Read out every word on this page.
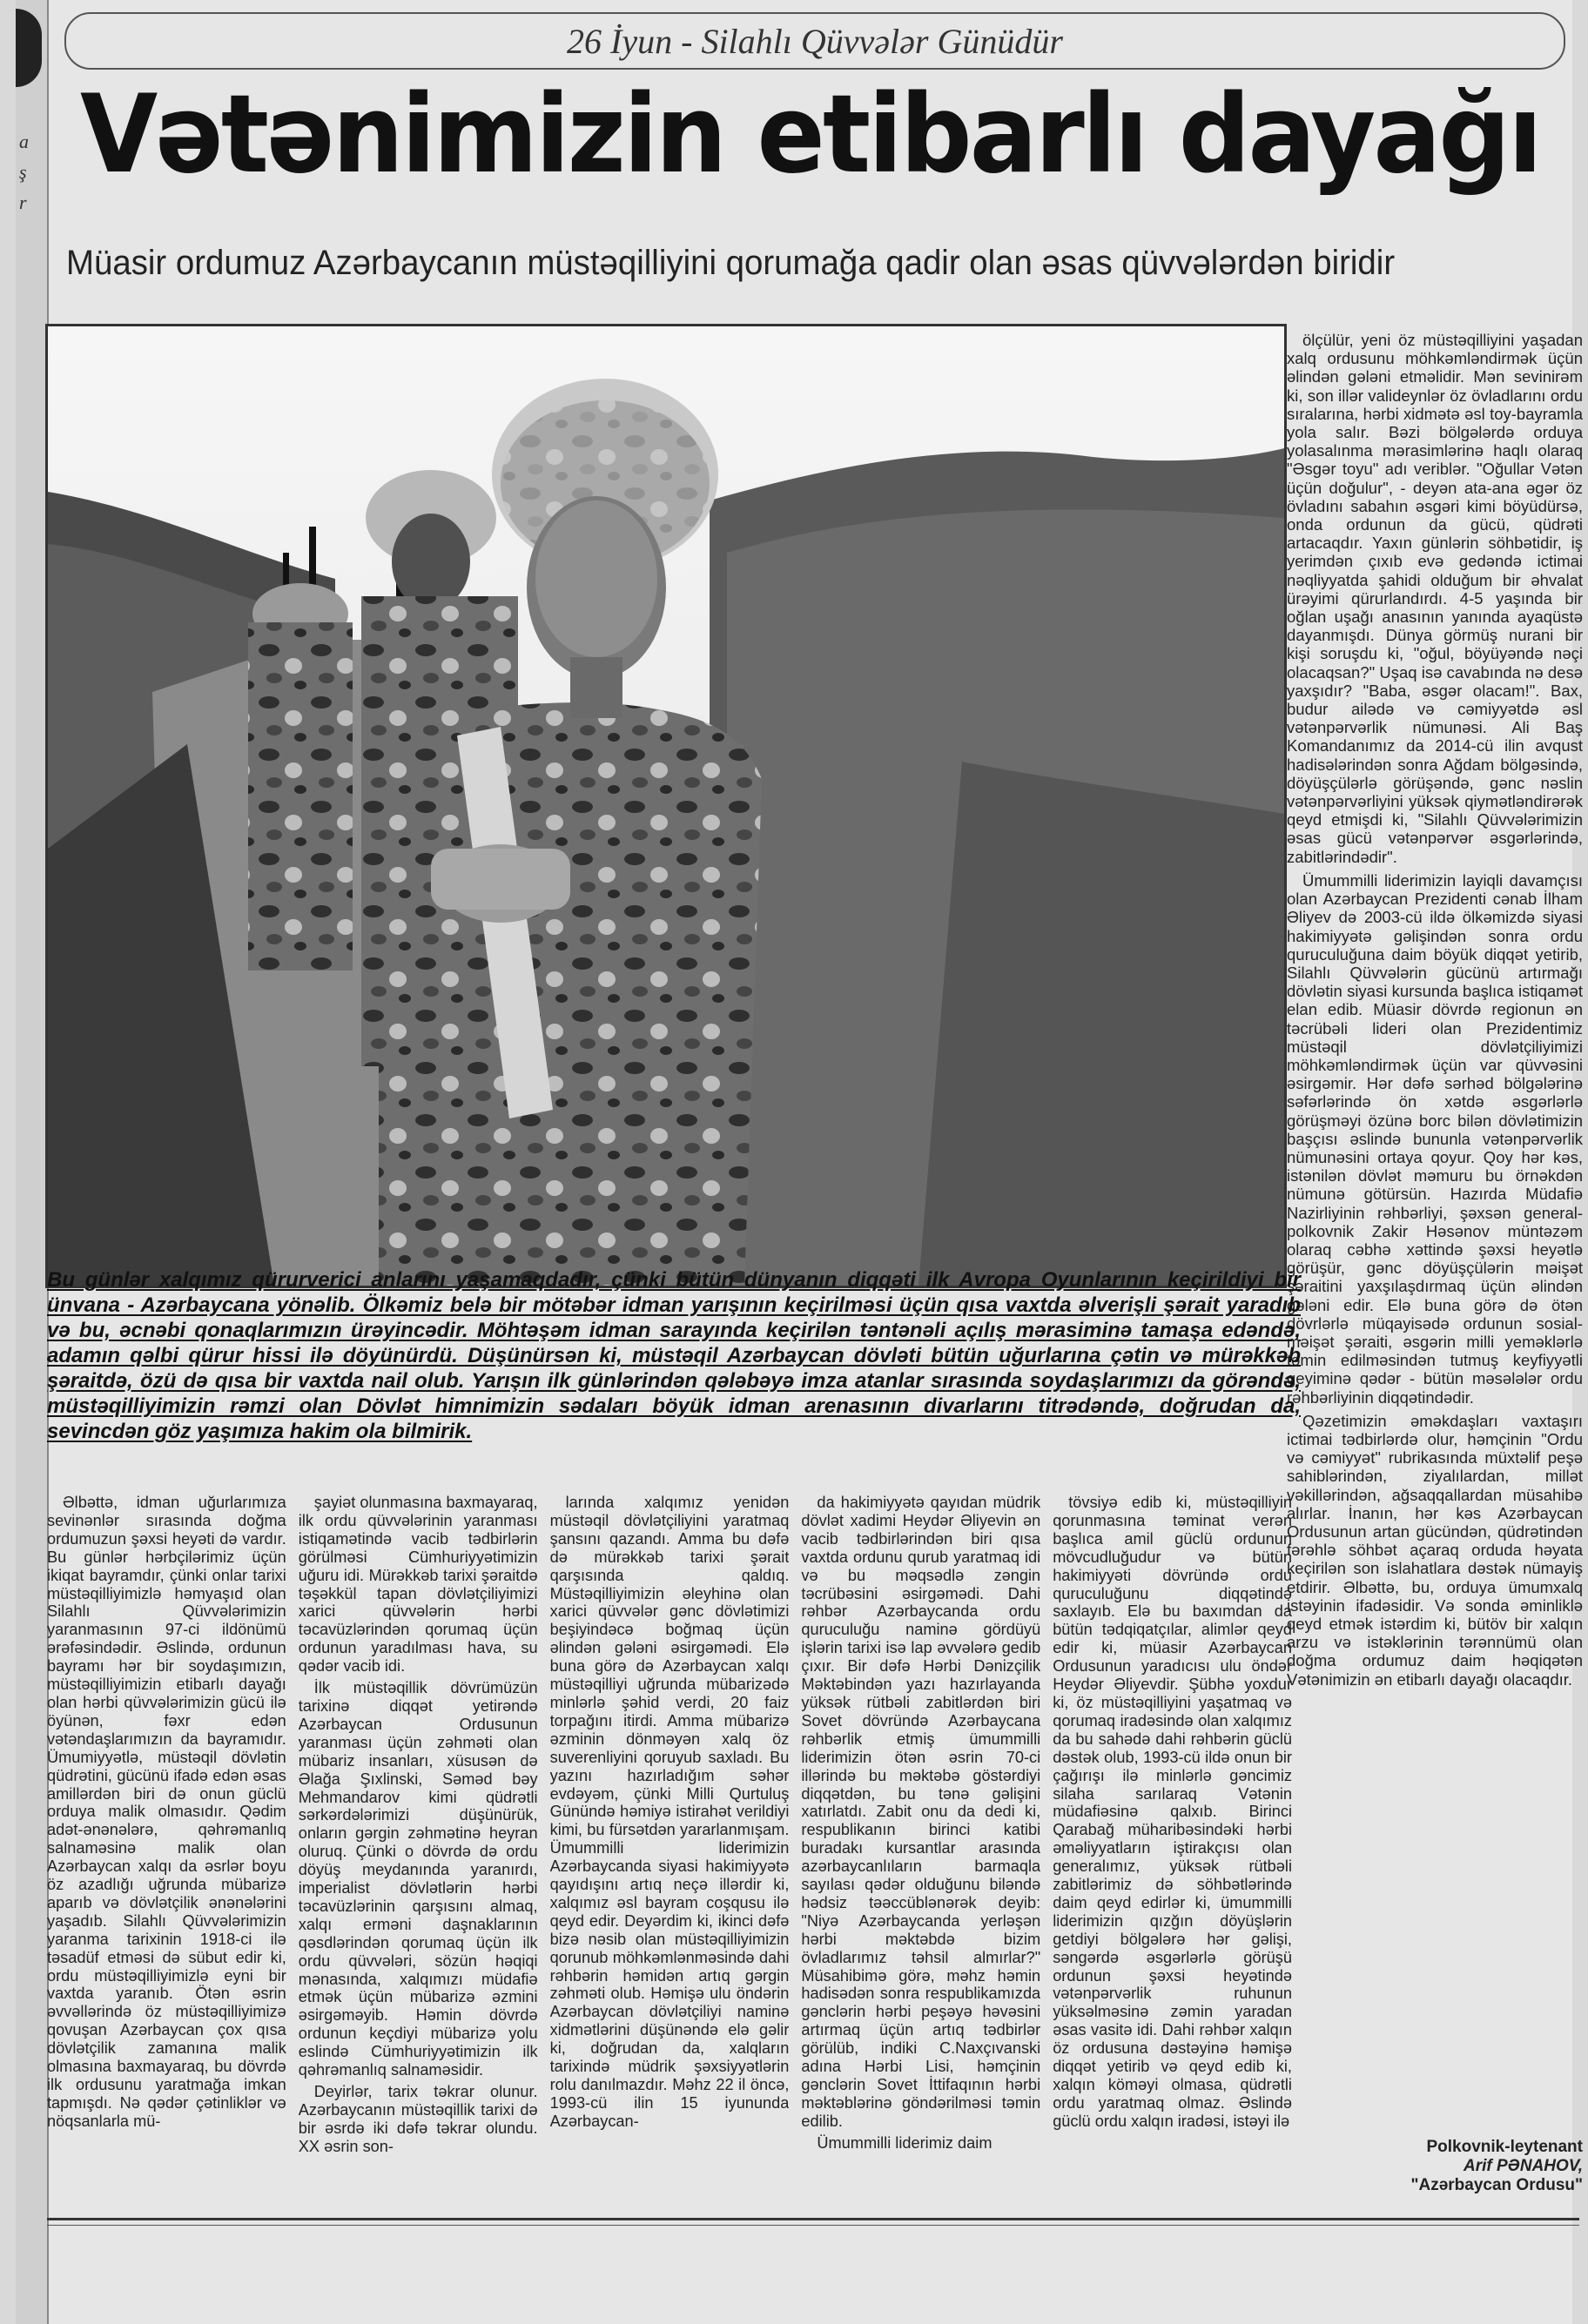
a
ş
r
26 İyun - Silahlı Qüvvələr Günüdür
Vətənimizin etibarlı dayağı
Müasir ordumuz Azərbaycanın müstəqilliyini qorumağa qadir olan əsas qüvvələrdən biridir

ölçülür, yeni öz müstəqilliyini yaşadan xalq ordusunu möhkəmləndirmək üçün əlindən gələni etməlidir. Mən sevinirəm ki, son illər valideynlər öz övladlarını ordu sıralarına, hərbi xidmətə əsl toy-bayramla yola salır. Bəzi bölgələrdə orduya yolasalınma mərasimlərinə haqlı olaraq "Əsgər toyu" adı veriblər. "Oğullar Vətən üçün doğulur", - deyən ata-ana əgər öz övladını sabahın əsgəri kimi böyüdürsə, onda ordunun da gücü, qüdrəti artacaqdır. Yaxın günlərin söhbətidir, iş yerimdən çıxıb evə gedəndə ictimai nəqliyyatda şahidi olduğum bir əhvalat ürəyimi qürurlandırdı. 4-5 yaşında bir oğlan uşağı anasının yanında ayaqüstə dayanmışdı. Dünya görmüş nurani bir kişi soruşdu ki, "oğul, böyüyəndə nəçi olacaqsan?" Uşaq isə cavabında nə desə yaxşıdır? "Baba, əsgər olacam!". Bax, budur ailədə və cəmiyyətdə əsl vətənpərvərlik nümunəsi. Ali Baş Komandanımız da 2014-cü ilin avqust hadisələrindən sonra Ağdam bölgəsində, döyüşçülərlə görüşəndə, gənc nəslin vətənpərvərliyini yüksək qiymətləndirərək qeyd etmişdi ki, "Silahlı Qüvvələrimizin əsas gücü vətənpərvər əsgərlərində, zabitlərindədir".

Ümummilli liderimizin layiqli davamçısı olan Azərbaycan Prezidenti cənab İlham Əliyev də 2003-cü ildə ölkəmizdə siyasi hakimiyyətə gəlişindən sonra ordu quruculuğuna daim böyük diqqət yetirib, Silahlı Qüvvələrin gücünü artırmağı dövlətin siyasi kursunda başlıca istiqamət elan edib. Müasir dövrdə regionun ən təcrübəli lideri olan Prezidentimiz müstəqil dövlətçiliyimizi möhkəmləndirmək üçün var qüvvəsini əsirgəmir. Hər dəfə sərhəd bölgələrinə səfərlərində ön xətdə əsgərlərlə görüşməyi özünə borc bilən dövlətimizin başçısı əslində bununla vətənpərvərlik nümunəsini ortaya qoyur. Qoy hər kəs, istənilən dövlət məmuru bu örnəkdən nümunə götürsün. Hazırda Müdafiə Nazirliyinin rəhbərliyi, şəxsən general-polkovnik Zakir Həsənov müntəzəm olaraq cəbhə xəttində şəxsi heyətlə görüşür, gənc döyüşçülərin məişət şəraitini yaxşılaşdırmaq üçün əlindən gələni edir. Elə buna görə də ötən dövrlərlə müqayisədə ordunun sosial-məişət şəraiti, əsgərin milli yeməklərlə təmin edilməsindən tutmuş keyfiyyətli geyiminə qədər - bütün məsələlər ordu rəhbərliyinin diqqətindədir.

Qəzetimizin əməkdaşları vaxtaşırı ictimai tədbirlərdə olur, həmçinin "Ordu və cəmiyyət" rubrikasında müxtəlif peşə sahiblərindən, ziyalılardan, millət vəkillərindən, ağsaqqallardan müsahibə alırlar. İnanın, hər kəs Azərbaycan Ordusunun artan gücündən, qüdrətindən fərəhlə söhbət açaraq orduda həyata keçirilən son islahatlara dəstək nümayiş etdirir. Əlbəttə, bu, orduya ümumxalq istəyinin ifadəsidir. Və sonda əminliklə qeyd etmək istərdim ki, bütöv bir xalqın arzu və istəklərinin tərənnümü olan doğma ordumuz daim həqiqətən Vətənimizin ən etibarlı dayağı olacaqdır.

Bu günlər xalqımız qürurverici anlarını yaşamaqdadır, çünki bütün dünyanın diqqəti ilk Avropa Oyunlarının keçirildiyi bir ünvana - Azərbaycana yönəlib. Ölkəmiz belə bir mötəbər idman yarışının keçirilməsi üçün qısa vaxtda əlverişli şərait yaradıb və bu, əcnəbi qonaqlarımızın ürəyincədir. Möhtəşəm idman sarayında keçirilən təntənəli açılış mərasiminə tamaşa edəndə, adamın qəlbi qürur hissi ilə döyünürdü. Düşünürsən ki, müstəqil Azərbaycan dövləti bütün uğurlarına çətin və mürəkkəb şəraitdə, özü də qısa bir vaxtda nail olub. Yarışın ilk günlərindən qələbəyə imza atanlar sırasında soydaşlarımızı da görəndə, müstəqilliyimizin rəmzi olan Dövlət himnimizin sədaları böyük idman arenasının divarlarını titrədəndə, doğrudan da, sevincdən göz yaşımıza hakim ola bilmirik.

Əlbəttə, idman uğurlarımıza sevinənlər sırasında doğma ordumuzun şəxsi heyəti də vardır. Bu günlər hərbçilərimiz üçün ikiqat bayramdır, çünki onlar tarixi müstəqilliyimizlə həmyaşıd olan Silahlı Qüvvələrimizin yaranmasının 97-ci ildönümü ərəfəsindədir. Əslində, ordunun bayramı hər bir soydaşımızın, müstəqilliyimizin etibarlı dayağı olan hərbi qüvvələrimizin gücü ilə öyünən, fəxr edən vətəndaşlarımızın da bayramıdır. Ümumiyyətlə, müstəqil dövlətin qüdrətini, gücünü ifadə edən əsas amillərdən biri də onun güclü orduya malik olmasıdır. Qədim adət-ənənələrə, qəhrəmanlıq salnaməsinə malik olan Azərbaycan xalqı da əsrlər boyu öz azadlığı uğrunda mübarizə aparıb və dövlətçilik ənənələrini yaşadıb. Silahlı Qüvvələrimizin yaranma tarixinin 1918-ci ilə təsadüf etməsi də sübut edir ki, ordu müstəqilliyimizlə eyni bir vaxtda yaranıb. Ötən əsrin əvvəllərində öz müstəqilliyimizə qovuşan Azərbaycan çox qısa dövlətçilik zamanına malik olmasına baxmayaraq, bu dövrdə ilk ordusunu yaratmağa imkan tapmışdı. Nə qədər çətinliklər və nöqsanlarla mü-

şayiət olunmasına baxmayaraq, ilk ordu qüvvələrinin yaranması istiqamətində vacib tədbirlərin görülməsi Cümhuriyyətimizin uğuru idi. Mürəkkəb tarixi şəraitdə təşəkkül tapan dövlətçiliyimizi xarici qüvvələrin hərbi təcavüzlərindən qorumaq üçün ordunun yaradılması hava, su qədər vacib idi.

İlk müstəqillik dövrümüzün tarixinə diqqət yetirəndə Azərbaycan Ordusunun yaranması üçün zəhməti olan mübariz insanları, xüsusən də Əlağa Şıxlinski, Səməd bəy Mehmandarov kimi qüdrətli sərkərdələrimizi düşünürük, onların gərgin zəhmətinə heyran oluruq. Çünki o dövrdə də ordu döyüş meydanında yaranırdı, imperialist dövlətlərin hərbi təcavüzlərinin qarşısını almaq, xalqı erməni daşnaklarının qəsdlərindən qorumaq üçün ilk ordu qüvvələri, sözün həqiqi mənasında, xalqımızı müdafiə etmək üçün mübarizə əzmini əsirgəməyib. Həmin dövrdə ordunun keçdiyi mübarizə yolu eslində Cümhuriyyətimizin ilk qəhrəmanlıq salnaməsidir.

Deyirlər, tarix təkrar olunur. Azərbaycanın müstəqillik tarixi də bir əsrdə iki dəfə təkrar olundu. XX əsrin son-

larında xalqımız yenidən müstəqil dövlətçiliyini yaratmaq şansını qazandı. Amma bu dəfə də mürəkkəb tarixi şərait qarşısında qaldıq. Müstəqilliyimizin əleyhinə olan xarici qüvvələr gənc dövlətimizi beşiyindəcə boğmaq üçün əlindən gələni əsirgəmədi. Elə buna görə də Azərbaycan xalqı müstəqilliyi uğrunda mübarizədə minlərlə şəhid verdi, 20 faiz torpağını itirdi. Amma mübarizə əzminin dönməyən xalq öz suverenliyini qoruyub saxladı. Bu yazını hazırladığım səhər evdəyəm, çünki Milli Qurtuluş Günündə həmiyə istirahət verildiyi kimi, bu fürsətdən yararlanmışam. Ümummilli liderimizin Azərbaycanda siyasi hakimiyyətə qayıdışını artıq neçə illərdir ki, xalqımız əsl bayram coşqusu ilə qeyd edir. Deyərdim ki, ikinci dəfə bizə nəsib olan müstəqilliyimizin qorunub möhkəmlənməsində dahi rəhbərin həmidən artıq gərgin zəhməti olub. Həmişə ulu öndərin Azərbaycan dövlətçiliyi naminə xidmətlərini düşünəndə elə gəlir ki, doğrudan da, xalqların tarixində müdrik şəxsiyyətlərin rolu danılmazdır. Məhz 22 il öncə, 1993-cü ilin 15 iyununda Azərbaycan-

da hakimiyyətə qayıdan müdrik dövlət xadimi Heydər Əliyevin ən vacib tədbirlərindən biri qısa vaxtda ordunu qurub yaratmaq idi və bu məqsədlə zəngin təcrübəsini əsirgəmədi. Dahi rəhbər Azərbaycanda ordu quruculuğu naminə gördüyü işlərin tarixi isə lap əvvələrə gedib çıxır. Bir dəfə Hərbi Dənizçilik Məktəbindən yazı hazırlayanda yüksək rütbəli zabitlərdən biri Sovet dövründə Azərbaycana rəhbərlik etmiş ümummilli liderimizin ötən əsrin 70-ci illərində bu məktəbə göstərdiyi diqqətdən, bu tənə gəlişini xatırlatdı. Zabit onu da dedi ki, respublikanın birinci katibi buradakı kursantlar arasında azərbaycanlıların barmaqla sayılası qədər olduğunu biləndə hədsiz təəccüblənərək deyib: "Niyə Azərbaycanda yerləşən hərbi məktəbdə bizim övladlarımız təhsil almırlar?" Müsahibimə görə, məhz həmin hadisədən sonra respublikamızda gənclərin hərbi peşəyə həvəsini artırmaq üçün artıq tədbirlər görülüb, indiki C.Naxçıvanski adına Hərbi Lisi, həmçinin gənclərin Sovet İttifaqının hərbi məktəblərinə göndərilməsi təmin edilib.

Ümummilli liderimiz daim

tövsiyə edib ki, müstəqilliyin qorunmasına təminat verən başlıca amil güclü ordunun mövcudluğudur və bütün hakimiyyəti dövründə ordu quruculuğunu diqqətində saxlayıb. Elə bu baxımdan da bütün tədqiqatçılar, alimlər qeyd edir ki, müasir Azərbaycan Ordusunun yaradıcısı ulu öndər Heydər Əliyevdir. Şübhə yoxdur ki, öz müstəqilliyini yaşatmaq və qorumaq iradəsində olan xalqımız da bu sahədə dahi rəhbərin güclü dəstək olub, 1993-cü ildə onun bir çağırışı ilə minlərlə gəncimiz silaha sarılaraq Vətənin müdafiəsinə qalxıb. Birinci Qarabağ müharibəsindəki hərbi əməliyyatların iştirakçısı olan generalımız, yüksək rütbəli zabitlərimiz də söhbətlərində daim qeyd edirlər ki, ümummilli liderimizin qızğın döyüşlərin getdiyi bölgələrə hər gəlişi, səngərdə əsgərlərlə görüşü ordunun şəxsi heyətində vətənpərvərlik ruhunun yüksəlməsinə zəmin yaradan əsas vasitə idi. Dahi rəhbər xalqın öz ordusuna dəstəyinə həmişə diqqət yetirib və qeyd edib ki, xalqın köməyi olmasa, qüdrətli ordu yaratmaq olmaz. Əslində güclü ordu xalqın iradəsi, istəyi ilə

Polkovnik-leytenant
Arif PƏNAHOV,
"Azərbaycan Ordusu"
